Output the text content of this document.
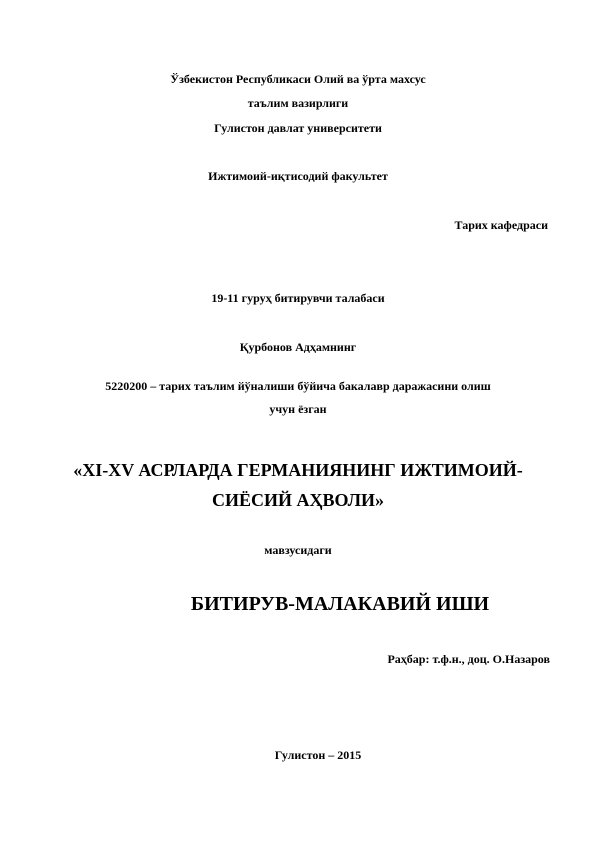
Ўзбекистон Республикаси Олий ва ўрта махсус
таълим вазирлиги
Гулистон давлат университети
Ижтимоий-иқтисодий факультет
Тарих кафедраси
19-11 гуруҳ битирувчи талабаси
Қурбонов Адҳамнинг
5220200 – тарих таълим йўналиши бўйича бакалавр даражасини олиш
учун ёзган
«XI-XV АСРЛАРДА ГЕРМАНИЯНИНГ ИЖТИМОИЙ-
СИЁСИЙ АҲВОЛИ»
мавзусидаги
БИТИРУВ-МАЛАКАВИЙ ИШИ
Раҳбар: т.ф.н., доц. О.Назаров
Гулистон – 2015
